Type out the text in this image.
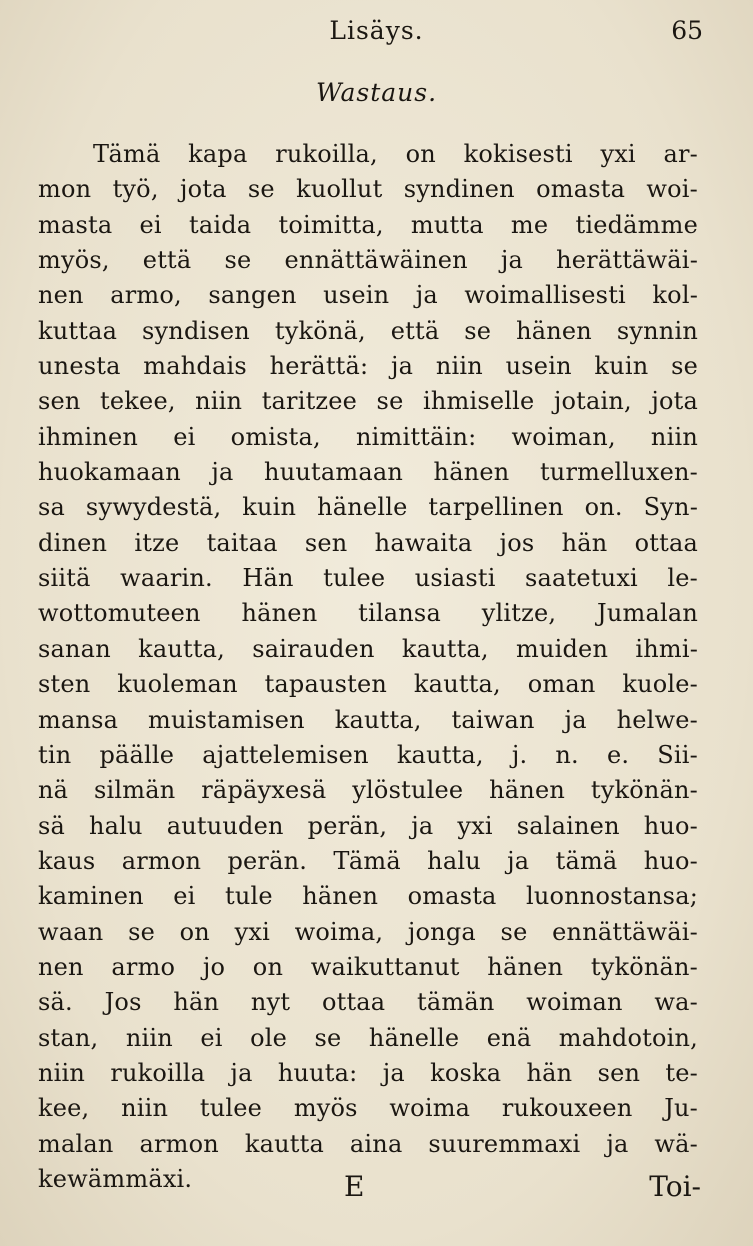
Lisäys.	65
Wastaus.
Tämä kapa rukoilla, on kokisesti yxi ar-
mon työ, jota se kuollut syndinen omasta woi-
masta ei taida toimitta, mutta me tiedämme
myös, että se ennättäwäinen ja herättäwäi-
nen armo, sangen usein ja woimallisesti kol-
kuttaa syndisen tykönä, että se hänen synnin
unesta mahdais herättä: ja niin usein kuin se
sen tekee, niin taritzee se ihmiselle jotain, jota
ihminen ei omista, nimittäin: woiman, niin
huokamaan ja huutamaan hänen turmelluxen-
sa sywydestä, kuin hänelle tarpellinen on. Syn-
dinen itze taitaa sen hawaita jos hän ottaa
siitä waarin. Hän tulee usiasti saatetuxi le-
wottomuteen hänen tilansa ylitze, Jumalan
sanan kautta, sairauden kautta, muiden ihmi-
sten kuoleman tapausten kautta, oman kuole-
mansa muistamisen kautta, taiwan ja helwe-
tin päälle ajattelemisen kautta, j. n. e. Sii-
nä silmän räpäyxesä ylöstulee hänen tykönän-
sä halu autuuden perän, ja yxi salainen huo-
kaus armon perän. Tämä halu ja tämä huo-
kaminen ei tule hänen omasta luonnostansa;
waan se on yxi woima, jonga se ennättäwäi-
nen armo jo on waikuttanut hänen tykönän-
sä. Jos hän nyt ottaa tämän woiman wa-
stan, niin ei ole se hänelle enä mahdotoin,
niin rukoilla ja huuta: ja koska hän sen te-
kee, niin tulee myös woima rukouxeen Ju-
malan armon kautta aina suuremmaxi ja wä-
kewämmäxi.	E	Toi-
